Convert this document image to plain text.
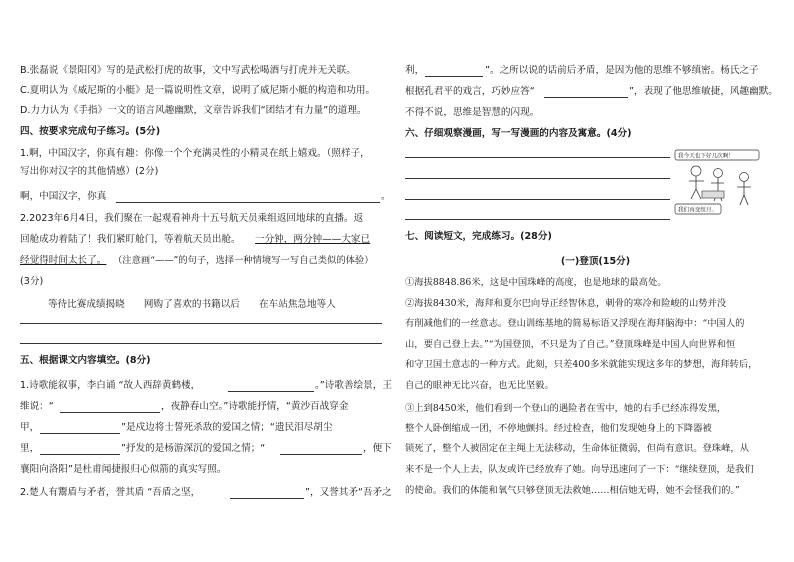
B.张磊说《景阳冈》写的是武松打虎的故事，文中写武松喝酒与打虎并无关联。
C.夏明认为《威尼斯的小艇》是一篇说明性文章，说明了威尼斯小艇的构造和功用。
D.力力认为《手指》一文的语言风趣幽默，文章告诉我们“团结才有力量”的道理。
四、按要求完成句子练习。(5分)
1.啊，中国汉字，你真有趣：你像一个个充满灵性的小精灵在纸上嬉戏。（照样子，
写出你对汉字的其他情感）(2分)
啊，中国汉字，你真	。
2.2023年6月4日，我们聚在一起观看神舟十五号航天员乘组返回地球的直播。返
回舱成功着陆了！我们紧盯舱门，等着航天员出舱。 一分钟，两分钟——大家已
经觉得时间太长了。 （注意画“——”的句子，选择一种情境写一写自己类似的体验）
(3分)
等待比赛成绩揭晓　　网购了喜欢的书籍以后　　在车站焦急地等人
五、根据课文内容填空。(8分)
1.诗歌能叙事，李白诵 “故人西辞黄鹤楼，	。”诗歌善绘景，王
维说：“	，夜静春山空。”诗歌能抒情，“黄沙百战穿金
甲，	”是戍边将士誓死杀敌的爱国之情；“遗民泪尽胡尘
里，	”抒发的是杨游深沉的爱国之情；“	，便下
襄阳向洛阳”是杜甫闻捷报归心似箭的真实写照。
2.楚人有鬻盾与矛者，誉其盾 “吾盾之坚，	”，又誉其矛“吾矛之
利，	”。之所以说的话前后矛盾，是因为他的思维不够缜密。杨氏之子
根据孔君平的戏言，巧妙应答“	”，表现了他思维敏捷，风趣幽默。
不得不说，思维是智慧的闪现。
六、仔细观察漫画，写一写漫画的内容及寓意。(4分)
我今天也下好几次啊！
我们再变组月。
七、阅读短文，完成练习。(28分)
(一)登顶(15分)
①海拔8848.86米，这是中国珠峰的高度，也是地球的最高处。
②海拔8430米，海拜和夏尔巴向导正经智休息，刺骨的寒冷和险峻的山势并没
有削减他们的一丝意志。登山训练基地的简易标语又浮现在海拜脑海中：“中国人的
山，要自己登上去。”“为国登顶，不只是为了自己。”登顶珠峰是中国人向世界和恒
和守卫国土意志的一种方式。此刻，只差400多米就能实现这多年的梦想，海拜转后，
自己的眼神无比兴奋，也无比坚毅。
③上到8450米，他们看到一个登山的遇险者在雪中，她的右手已经冻得发黑，
整个人卧倒缩成一团，不停地颤抖。经过检查，他们发现她身上的下降器被
锁死了，整个人被固定在主绳上无法移动，生命体征微弱，但尚有意识。登珠峰，从
来不是一个人上去，队友或许已经放弃了她。向导迅速问了一下：“继续登顶，是我们
的使命。我们的体能和氧气只够登顶无法救她……相信她无碍，她不会怪我们的。”
